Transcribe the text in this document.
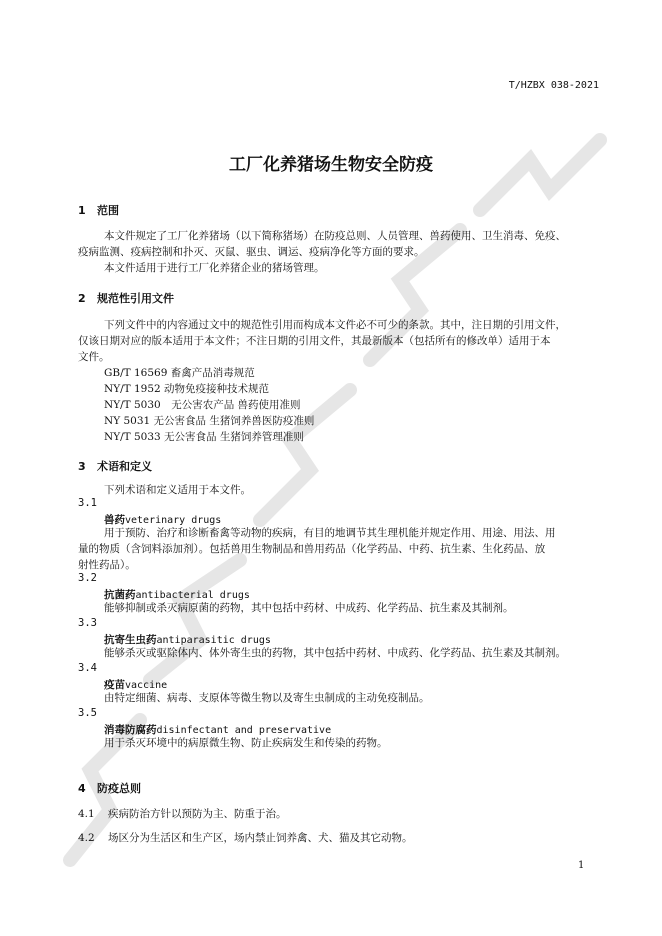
T/HZBX 038-2021
工厂化养猪场生物安全防疫
1 范围
本文件规定了工厂化养猪场（以下简称猪场）在防疫总则、人员管理、兽药使用、卫生消毒、免疫、
疫病监测、疫病控制和扑灭、灭鼠、驱虫、调运、疫病净化等方面的要求。
本文件适用于进行工厂化养猪企业的猪场管理。
2 规范性引用文件
下列文件中的内容通过文中的规范性引用而构成本文件必不可少的条款。其中，注日期的引用文件，
仅该日期对应的版本适用于本文件；不注日期的引用文件，其最新版本（包括所有的修改单）适用于本
文件。
GB/T 16569 畜禽产品消毒规范
NY/T 1952 动物免疫接种技术规范
NY/T 5030　无公害农产品 兽药使用准则
NY 5031 无公害食品 生猪饲养兽医防疫准则
NY/T 5033 无公害食品 生猪饲养管理准则
3 术语和定义
下列术语和定义适用于本文件。
3.1
兽药veterinary drugs
用于预防、治疗和诊断畜禽等动物的疾病，有目的地调节其生理机能并规定作用、用途、用法、用
量的物质（含饲料添加剂）。包括兽用生物制品和兽用药品（化学药品、中药、抗生素、生化药品、放
射性药品）。
3.2
抗菌药antibacterial drugs
能够抑制或杀灭病原菌的药物，其中包括中药材、中成药、化学药品、抗生素及其制剂。
3.3
抗寄生虫药antiparasitic drugs
能够杀灭或驱除体内、体外寄生虫的药物，其中包括中药材、中成药、化学药品、抗生素及其制剂。
3.4
疫苗vaccine
由特定细菌、病毒、支原体等微生物以及寄生虫制成的主动免疫制品。
3.5
消毒防腐药disinfectant and preservative
用于杀灭环境中的病原微生物、防止疾病发生和传染的药物。
4 防疫总则
4.1 疾病防治方针以预防为主、防重于治。
4.2 场区分为生活区和生产区，场内禁止饲养禽、犬、猫及其它动物。
1
